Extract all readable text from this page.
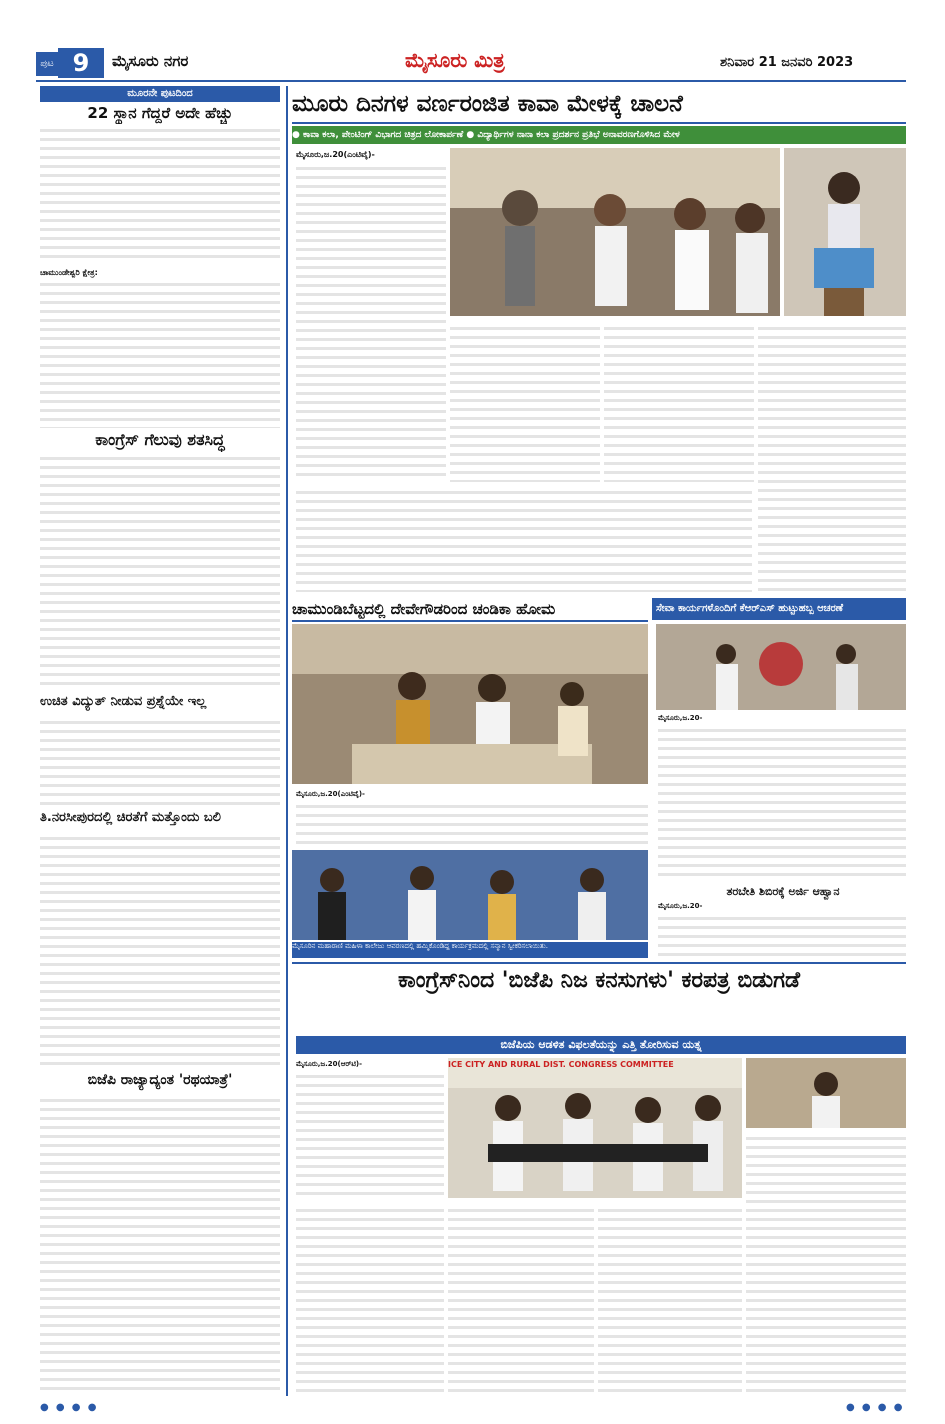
ಪುಟ 9	ಮೈಸೂರು ನಗರ	ಮೈಸೂರು ಮಿತ್ರ	ಶನಿವಾರ 21 ಜನವರಿ 2023
ಮೂರನೇ ಪುಟದಿಂದ
22 ಸ್ಥಾನ ಗೆದ್ದರೆ ಅದೇ ಹೆಚ್ಚು
ಚಾಮುಂಡೇಶ್ವರಿ ಕ್ಷೇತ್ರ:
ಕಾಂಗ್ರೆಸ್ ಗೆಲುವು ಶತಸಿದ್ಧ
ಉಚಿತ ವಿದ್ಯುತ್ ನೀಡುವ ಪ್ರಶ್ನೆಯೇ ಇಲ್ಲ
ತಿ.ನರಸೀಪುರದಲ್ಲಿ ಚಿರತೆಗೆ ಮತ್ತೊಂದು ಬಲಿ
ಬಿಜೆಪಿ ರಾಜ್ಯಾದ್ಯಂತ 'ರಥಯಾತ್ರೆ'
ಮೂರು ದಿನಗಳ ವರ್ಣರಂಜಿತ ಕಾವಾ ಮೇಳಕ್ಕೆ ಚಾಲನೆ
● ಕಾವಾ ಕಲಾ, ಪೇಂಟಿಂಗ್ ವಿಭಾಗದ ಚಿತ್ರದ ಲೋಕಾರ್ಪಣೆ ● ವಿದ್ಯಾರ್ಥಿಗಳ ನಾನಾ ಕಲಾ ಪ್ರದರ್ಶನ ಪ್ರತಿಭೆ ಅನಾವರಣಗೊಳಿಸಿದ ಮೇಳ
ಮೈಸೂರು,ಜ.20(ಎಂಟಿವೈ)-
ಚಾಮುಂಡಿಬೆಟ್ಟದಲ್ಲಿ ದೇವೇಗೌಡರಿಂದ ಚಂಡಿಕಾ ಹೋಮ
ಮೈಸೂರು,ಜ.20(ಎಂಟಿವೈ)-
ಸೇವಾ ಕಾರ್ಯಗಳೊಂದಿಗೆ ಕೆಆರ್‌ಎಸ್ ಹುಟ್ಟುಹಬ್ಬ ಆಚರಣೆ
ಮೈಸೂರು,ಜ.20-
ಮೈಸೂರಿನ ಮಹಾರಾಣಿ ಮಹಿಳಾ ಕಾಲೇಜು ಆವರಣದಲ್ಲಿ ಹಮ್ಮಿಕೊಂಡಿದ್ದ ಕಾರ್ಯಕ್ರಮದಲ್ಲಿ ಸನ್ಮಾನ ಸ್ವೀಕರಿಸಲಾಯಿತು.
ತರಬೇತಿ ಶಿಬಿರಕ್ಕೆ ಅರ್ಜಿ ಆಹ್ವಾನ
ಮೈಸೂರು,ಜ.20-
ಕಾಂಗ್ರೆಸ್‌ನಿಂದ 'ಬಿಜೆಪಿ ನಿಜ ಕನಸುಗಳು' ಕರಪತ್ರ ಬಿಡುಗಡೆ
ಬಿಜೆಪಿಯ ಆಡಳಿತ ವಿಫಲತೆಯನ್ನು ಎತ್ತಿ ತೋರಿಸುವ ಯತ್ನ
ಮೈಸೂರು,ಜ.20(ಆರ್‌ಟಿ)-	ICE CITY AND RURAL DIST. CONGRESS COMMITTEE
● ● ● ●	● ● ● ●
